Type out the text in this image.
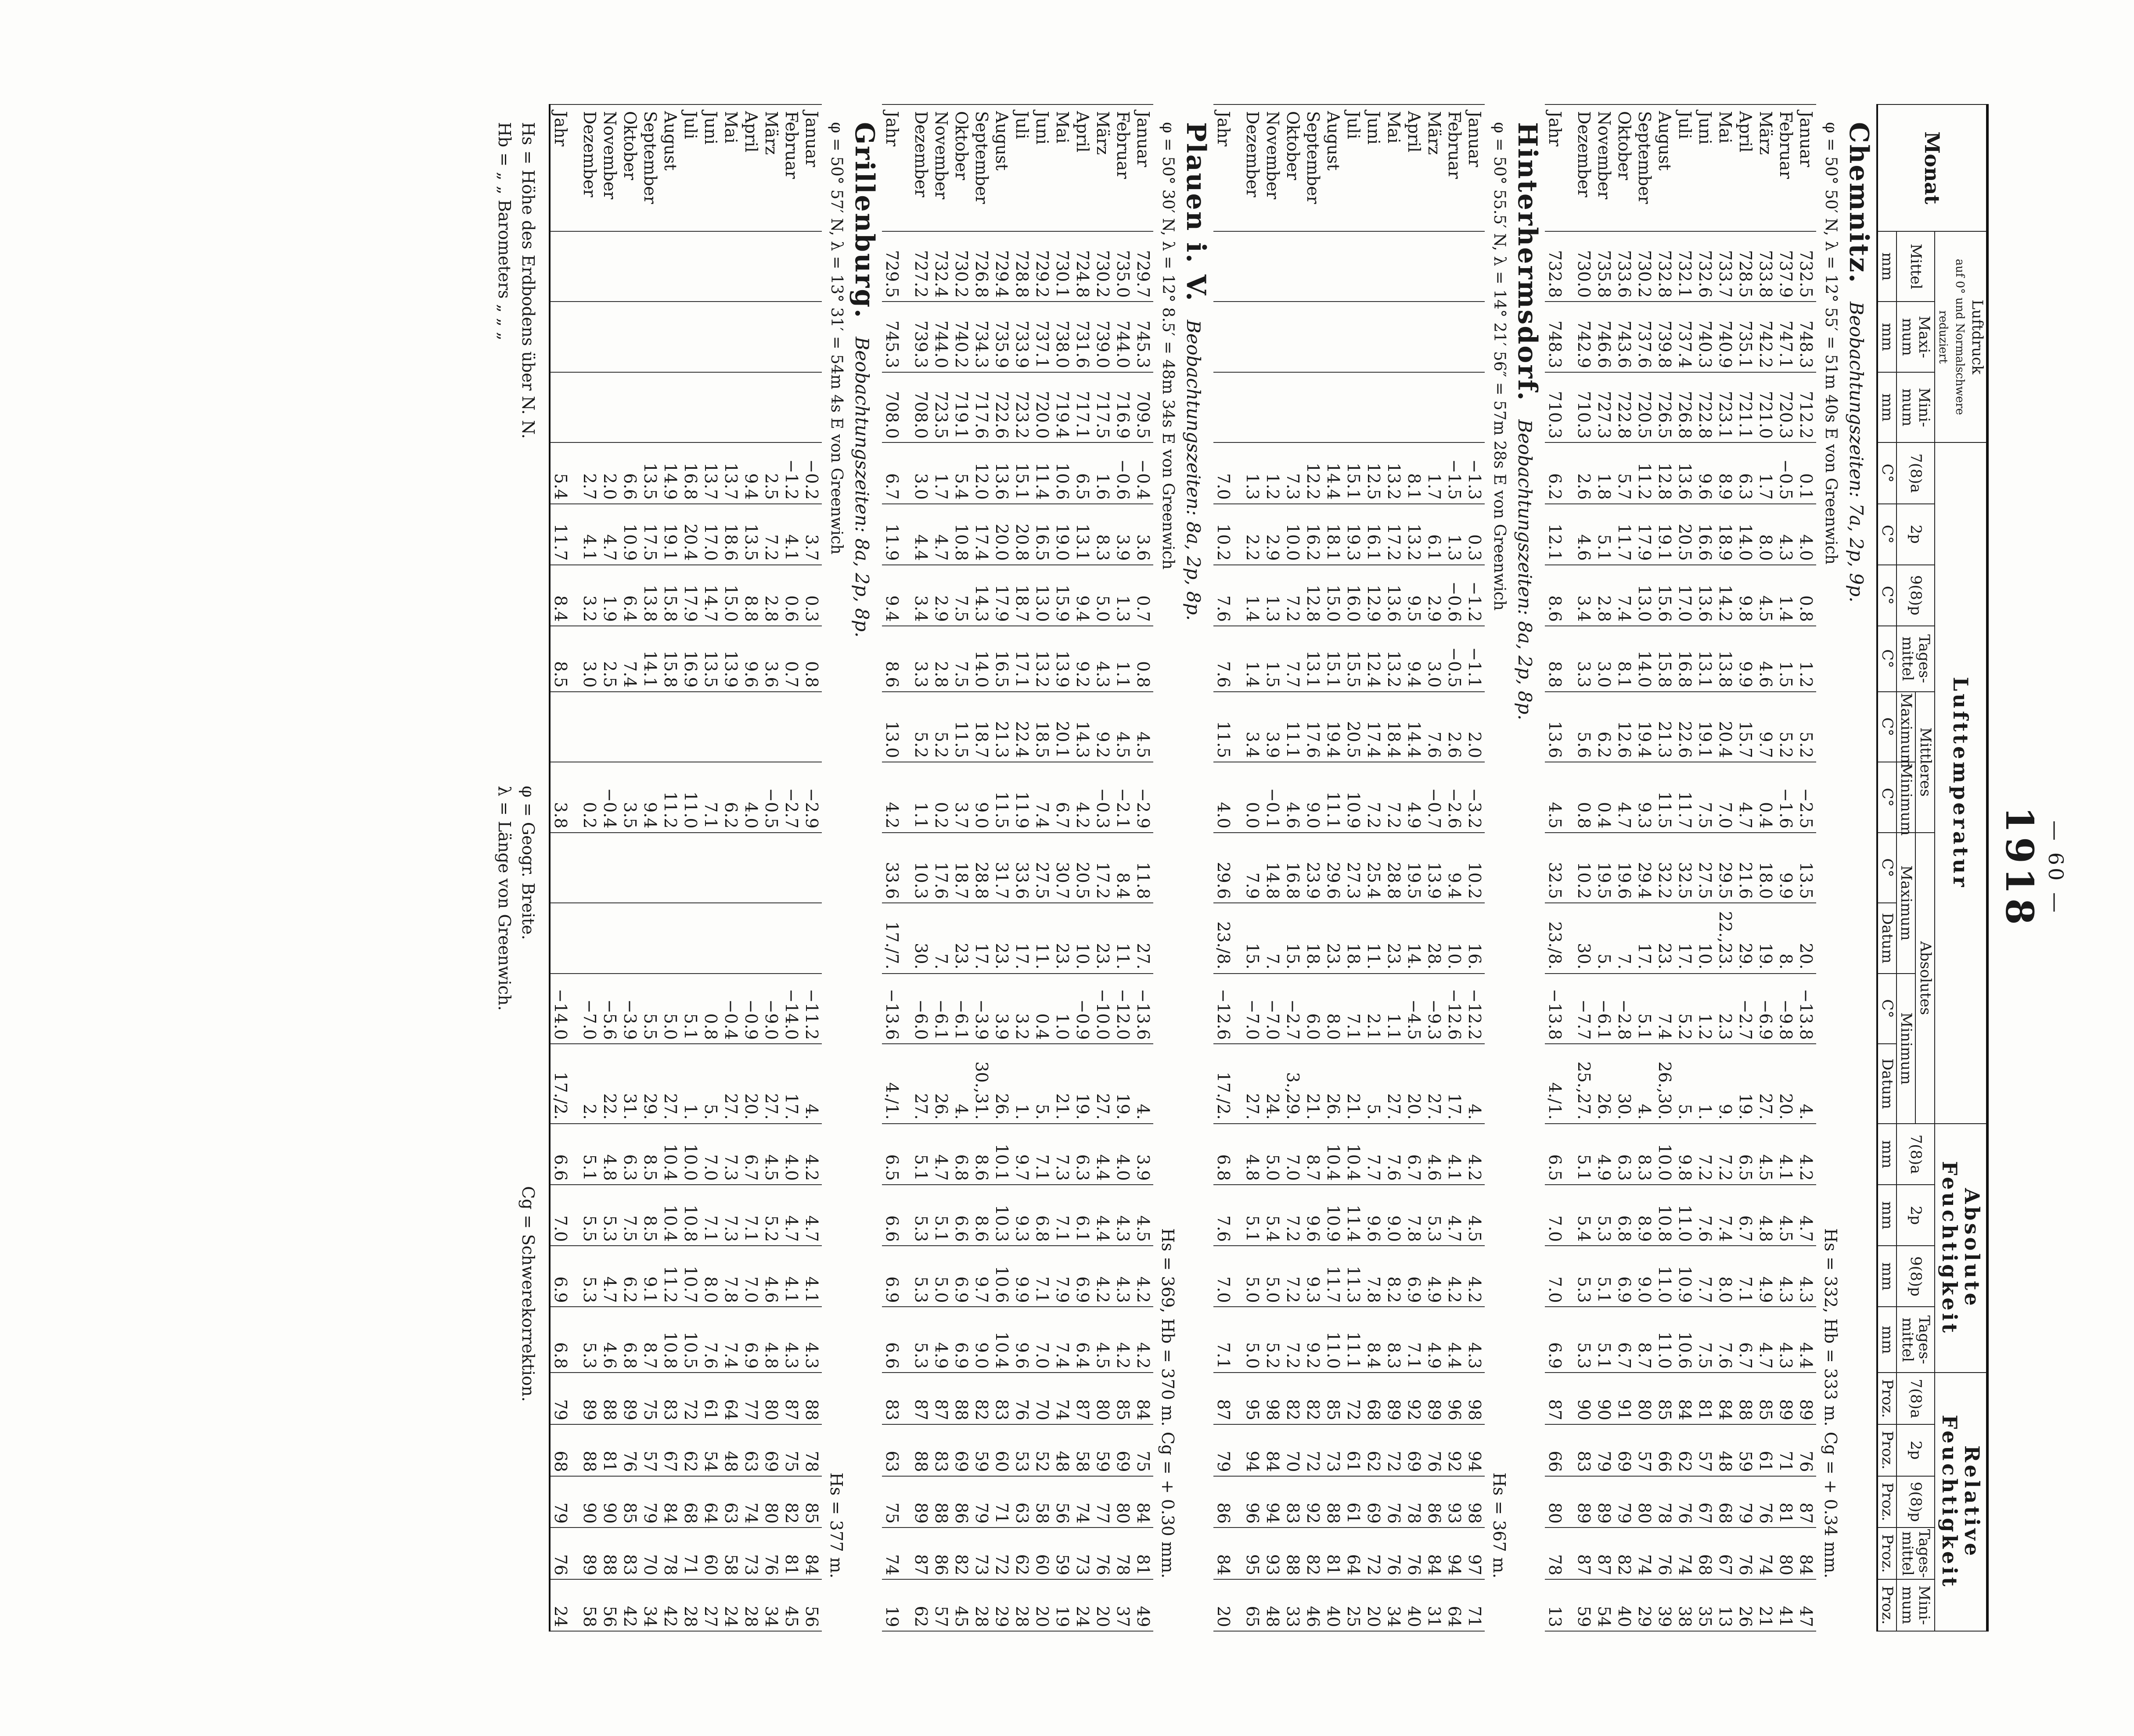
— 60 —
1918
Monat	Luftdruck
auf 0° und Normalschwere reduziert			Lufttemperatur										Absolute Feuchtigkeit				Relative Feuchtigkeit				
	Mittel	Maxi-mum	Mini-mum	7(8)a	2p	9(8)p	Tages-mittel	Mittleres		Absolutes				7(8)a	2p	9(8)p	Tages-mittel	7(8)a	2p	9(8)p	Tages-mittel	Mini-mum
								Maximum	Minimum	Maximum		Minimum										
	mm	mm	mm	C°	C°	C°	C°	C°	C°	C°	Datum	C°	Datum	mm	mm	mm	mm	Proz.	Proz.	Proz.	Proz.	Proz.
Chemnitz.Beobachtungszeiten: 7a, 2p, 9p.																						
φ = 50° 50′ N, λ = 12° 55′ = 51m 40s E von Greenwich
Hs = 332, Hb = 333 m. Cg = + 0.34 mm.																						

Januar	732.5	748.3	712.2	0.1	4.0	0.8	1.2	5.2	−2.5	13.5	20.	−13.8	4.	4.2	4.7	4.3	4.4	89	76	87	84	47
Februar	737.9	747.1	720.3	−0.5	4.3	1.4	1.5	5.2	−1.6	9.9	8.	−9.8	20.	4.1	4.5	4.3	4.3	89	71	81	80	41
März	733.8	742.2	721.0	1.7	8.0	4.5	4.6	9.7	0.4	18.0	19.	−6.9	27.	4.5	4.8	4.9	4.7	85	61	76	74	21
April	728.5	735.1	721.1	6.3	14.0	9.8	9.9	15.7	4.7	21.6	29.	−2.7	19.	6.5	6.7	7.1	6.7	88	59	79	76	26
Mai	733.7	740.9	723.1	8.9	18.9	14.2	13.8	20.4	7.0	29.5	22.,23.	2.3	9.	7.2	7.4	8.0	7.6	84	48	68	67	13
Juni	732.6	740.3	722.8	9.6	16.6	13.6	13.1	19.1	7.5	27.5	10.	1.2	1.	7.2	7.6	7.7	7.5	81	57	67	68	35
Juli	732.1	737.4	726.8	13.6	20.5	17.0	16.8	22.6	11.7	32.5	17.	5.2	5.	9.8	11.0	10.9	10.6	84	62	76	74	38
August	732.8	739.8	726.5	12.8	19.1	15.6	15.8	21.3	11.5	32.2	23.	7.4	26.,30.	10.0	10.8	11.0	11.0	85	66	78	76	39
September	730.2	737.6	720.5	11.2	17.9	13.0	14.0	19.4	9.3	29.4	17.	5.1	4.	8.3	8.9	9.0	8.7	80	57	80	74	29
Oktober	733.6	743.6	722.8	5.7	11.7	7.4	8.1	12.6	4.7	19.6	7.	−2.8	30.	6.3	6.8	6.9	6.7	91	69	79	82	40
November	735.8	746.6	727.3	1.8	5.1	2.8	3.0	6.2	0.4	19.5	5.	−6.1	26.	4.9	5.3	5.1	5.1	90	79	89	87	54
Dezember	730.0	742.9	710.3	2.6	4.6	3.4	3.3	5.6	0.8	10.2	30.	−7.7	25.,27.	5.1	5.4	5.3	5.3	90	83	89	87	59
Jahr	732.8	748.3	710.3	6.2	12.1	8.6	8.8	13.6	4.5	32.5	23./8.	−13.8	4./1.	6.5	7.0	7.0	6.9	87	66	80	78	13
Hinterhermsdorf.Beobachtungszeiten: 8a, 2p, 8p.																						
φ = 50° 55.5′ N, λ = 14° 21′ 56″ = 57m 28s E von Greenwich
Hs = 367 m.																						

Januar				−1.3	0.3	−1.2	−1.1	2.0	−3.2	10.2	16.	−12.2	4.	4.2	4.5	4.2	4.3	98	94	98	97	71
Februar				−1.5	1.3	−0.6	−0.5	2.6	−2.6	9.4	10.	−12.6	17.	4.1	4.7	4.2	4.4	96	92	93	94	64
März				1.7	6.1	2.9	3.0	7.6	−0.7	13.9	28.	−9.3	27.	4.6	5.3	4.9	4.9	89	76	86	84	31
April				8.1	13.2	9.5	9.4	14.4	4.9	19.5	14.	−4.5	20.	6.7	7.8	6.9	7.1	92	69	78	76	40
Mai				13.2	17.2	13.6	13.2	18.4	7.2	28.8	23.	1.1	27.	7.6	9.0	8.2	8.3	89	72	76	76	34
Juni				12.5	16.1	12.9	12.4	17.4	7.2	25.4	11.	2.1	5.	7.7	9.6	7.8	8.4	68	62	69	72	20
Juli				15.1	19.3	16.0	15.5	20.5	10.9	27.3	18.	7.1	21.	10.4	11.4	11.3	11.1	72	61	61	64	25
August				14.4	18.1	15.0	15.1	19.4	11.1	29.6	23.	8.0	26.	10.4	10.9	11.7	11.0	85	73	88	81	40
September				12.2	16.2	12.8	13.1	17.6	9.0	23.9	18.	6.0	21.	8.7	9.6	9.3	9.2	82	72	92	82	46
Oktober				7.3	10.0	7.2	7.7	11.1	4.6	16.8	15.	−2.7	3.,29.	7.0	7.2	7.2	7.2	82	70	83	88	33
November				1.2	2.9	1.3	1.5	3.9	−0.1	14.8	7.	−7.0	24.	5.0	5.4	5.0	5.2	98	84	94	93	48
Dezember				1.3	2.2	1.4	1.4	3.4	0.0	7.9	15.	−7.0	27.	4.8	5.1	5.0	5.0	95	94	96	95	65
Jahr				7.0	10.2	7.6	7.6	11.5	4.0	29.6	23./8.	−12.6	17./2.	6.8	7.6	7.0	7.1	87	79	86	84	20
Plauen i. V.Beobachtungszeiten: 8a, 2p, 8p.																						
φ = 50° 30′ N, λ = 12° 8.5′ = 48m 34s E von Greenwich
Hs = 369, Hb = 370 m. Cg = + 0.30 mm.																						

Januar	729.7	745.3	709.5	−0.4	3.6	0.7	0.8	4.5	−2.9	11.8	27.	−13.6	4.	3.9	4.5	4.2	4.2	84	75	84	81	49
Februar	735.0	744.0	716.9	−0.6	3.9	1.3	1.1	4.5	−2.1	8.4	11.	−12.0	19.	4.0	4.3	4.3	4.2	85	69	80	78	37
März	730.2	739.0	717.5	1.6	8.3	5.0	4.3	9.2	−0.3	17.2	23.	−10.0	27.	4.4	4.4	4.2	4.5	80	59	77	76	20
April	724.8	731.6	717.1	6.5	13.1	9.4	9.2	14.3	4.2	20.5	10.	−0.9	19.	6.3	6.1	6.9	6.4	87	58	74	73	24
Mai	730.1	738.0	719.4	10.6	19.0	15.9	13.9	20.1	6.7	30.7	23.	1.0	21.	7.3	7.1	7.9	7.4	74	48	56	59	19
Juni	729.2	737.1	720.0	11.4	16.5	13.0	13.2	18.5	7.4	27.5	11.	0.4	5.	7.1	6.8	7.1	7.0	70	52	58	60	20
Juli	728.8	733.9	723.2	15.1	20.8	18.7	17.1	22.4	11.9	33.6	17.	3.2	1.	9.7	9.3	9.9	9.6	76	53	63	62	28
August	729.4	735.9	722.6	13.6	20.0	17.9	16.5	21.3	11.5	31.7	23.	3.9	26.	10.1	10.3	10.6	10.4	83	60	71	72	29
September	726.8	734.3	717.6	12.0	17.4	14.3	14.0	18.7	9.0	28.8	17.	−3.9	30.,31.	8.6	8.6	9.7	9.0	82	59	79	73	28
Oktober	730.2	740.2	719.1	5.4	10.8	7.5	7.5	11.5	3.7	18.7	23.	−6.1	4.	6.8	6.6	6.9	6.9	88	69	86	82	45
November	732.4	744.0	723.5	1.7	4.7	2.9	2.8	5.2	0.2	17.6	7.	−6.1	26.	4.7	5.1	5.0	4.9	87	83	88	86	57
Dezember	727.2	739.3	708.0	3.0	4.4	3.4	3.3	5.2	1.1	10.3	30.	−6.0	27.	5.1	5.3	5.3	5.3	87	88	89	87	62
Jahr	729.5	745.3	708.0	6.7	11.9	9.4	8.6	13.0	4.2	33.6	17./7.	−13.6	4./1.	6.5	6.6	6.9	6.6	83	63	75	74	19
Grillenburg.Beobachtungszeiten: 8a, 2p, 8p.																						
φ = 50° 57′ N, λ = 13° 31′ = 54m 4s E von Greenwich
Hs = 377 m.																						

Januar				−0.2	3.7	0.3	0.8		−2.9			−11.2	4.	4.2	4.7	4.1	4.3	88	78	85	84	56
Februar				−1.2	4.1	0.6	0.7		−2.7			−14.0	17.	4.0	4.7	4.1	4.3	87	75	82	81	45
März				2.5	7.2	2.8	3.6		−0.5			−9.0	27.	4.5	5.2	4.6	4.8	80	69	80	76	34
April				9.4	13.5	8.8	9.6		4.0			−0.9	20.	6.7	7.1	7.0	6.9	77	63	74	73	28
Mai				13.7	18.6	15.0	13.9		6.2			−0.4	27.	7.3	7.3	7.8	7.4	64	48	63	58	24
Juni				13.7	17.0	14.7	13.5		7.1			0.8	5.	7.0	7.1	8.0	7.6	61	54	64	60	27
Juli				16.8	20.4	17.9	16.9		11.0			5.1	1.	10.0	10.8	10.7	10.5	72	62	68	71	28
August				14.9	19.1	15.8	15.8		11.2			5.0	27.	10.4	10.4	11.2	10.8	83	67	84	78	42
September				13.5	17.5	13.8	14.1		9.4			5.5	29.	8.5	8.5	9.1	8.7	75	57	79	70	34
Oktober				6.6	10.9	6.4	7.4		3.5			−3.9	31.	6.3	7.5	6.2	6.8	89	76	85	83	42
November				2.0	4.7	1.9	2.5		−0.4			−5.6	22.	4.8	5.3	4.7	4.6	88	81	90	88	56
Dezember				2.7	4.1	3.2	3.0		0.2			−7.0	2.	5.1	5.5	5.3	5.3	89	88	90	89	58
Jahr				5.4	11.7	8.4	8.5		3.8			−14.0	17./2.	6.6	7.0	6.9	6.8	79	68	79	76	24

Hs = Höhe des Erdbodens über N. N.
Hb = „ „ Barometers „ „ „

φ = Geogr. Breite.
λ = Länge von Greenwich.

Cg = Schwerekorrektion.																						
